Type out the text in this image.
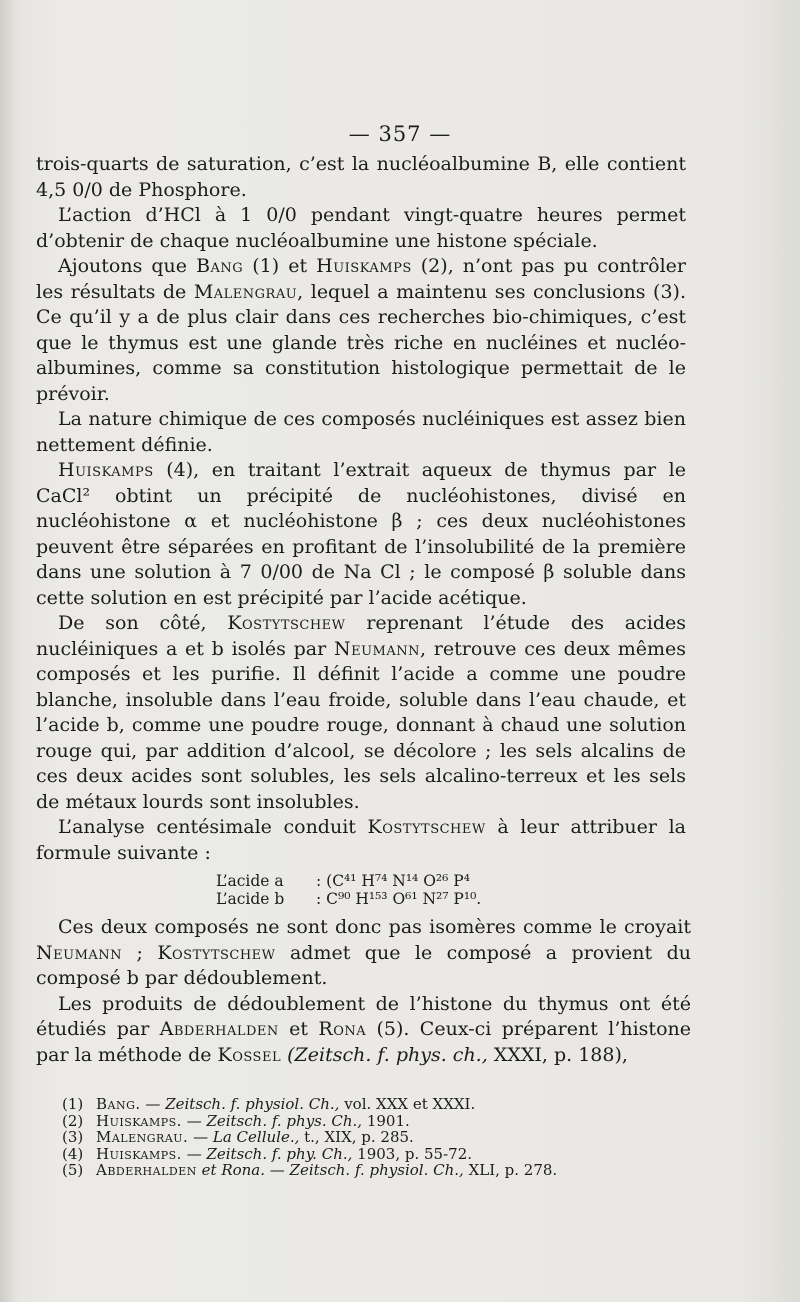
— 357 —

trois-quarts de saturation, c’est la nucléoalbumine B, elle contient 4,5 0/0 de Phosphore.

L’action d’HCl à 1 0/0 pendant vingt-quatre heures permet d’obtenir de chaque nucléoalbumine une histone spéciale.

Ajoutons que Bang (1) et Huiskamps (2), n’ont pas pu contrôler les résultats de Malengrau, lequel a maintenu ses conclusions (3). Ce qu’il y a de plus clair dans ces recherches bio-chimiques, c’est que le thymus est une glande très riche en nucléines et nucléo-albumines, comme sa constitution histologique permettait de le prévoir.

La nature chimique de ces composés nucléiniques est assez bien nettement définie.

Huiskamps (4), en traitant l’extrait aqueux de thymus par le CaCl² obtint un précipité de nucléohistones, divisé en nucléohistone α et nucléohistone β ; ces deux nucléohistones peuvent être séparées en profitant de l’insolubilité de la première dans une solution à 7 0/00 de Na Cl ; le composé β soluble dans cette solution en est précipité par l’acide acétique.

De son côté, Kostytschew reprenant l’étude des acides nucléiniques a et b isolés par Neumann, retrouve ces deux mêmes composés et les purifie. Il définit l’acide a comme une poudre blanche, insoluble dans l’eau froide, soluble dans l’eau chaude, et l’acide b, comme une poudre rouge, donnant à chaud une solution rouge qui, par addition d’alcool, se décolore ; les sels alcalins de ces deux acides sont solubles, les sels alcalino-terreux et les sels de métaux lourds sont insolubles.

L’analyse centésimale conduit Kostytschew à leur attribuer la formule suivante :

L’acide a	: (C⁴¹ H⁷⁴ N¹⁴ O²⁶ P⁴
L’acide b	: C⁹⁰ H¹⁵³ O⁶¹ N²⁷ P¹⁰.

Ces deux composés ne sont donc pas isomères comme le croyait Neumann ; Kostytschew admet que le composé a provient du composé b par dédoublement.

Les produits de dédoublement de l’histone du thymus ont été étudiés par Abderhalden et Rona (5). Ceux-ci préparent l’histone par la méthode de Kossel (Zeitsch. f. phys. ch., XXXI, p. 188),

(1) Bang. — Zeitsch. f. physiol. Ch., vol. XXX et XXXI.
(2) Huiskamps. — Zeitsch. f. phys. Ch., 1901.
(3) Malengrau. — La Cellule., t., XIX, p. 285.
(4) Huiskamps. — Zeitsch. f. phy. Ch., 1903, p. 55-72.
(5) Abderhalden et Rona. — Zeitsch. f. physiol. Ch., XLI, p. 278.
